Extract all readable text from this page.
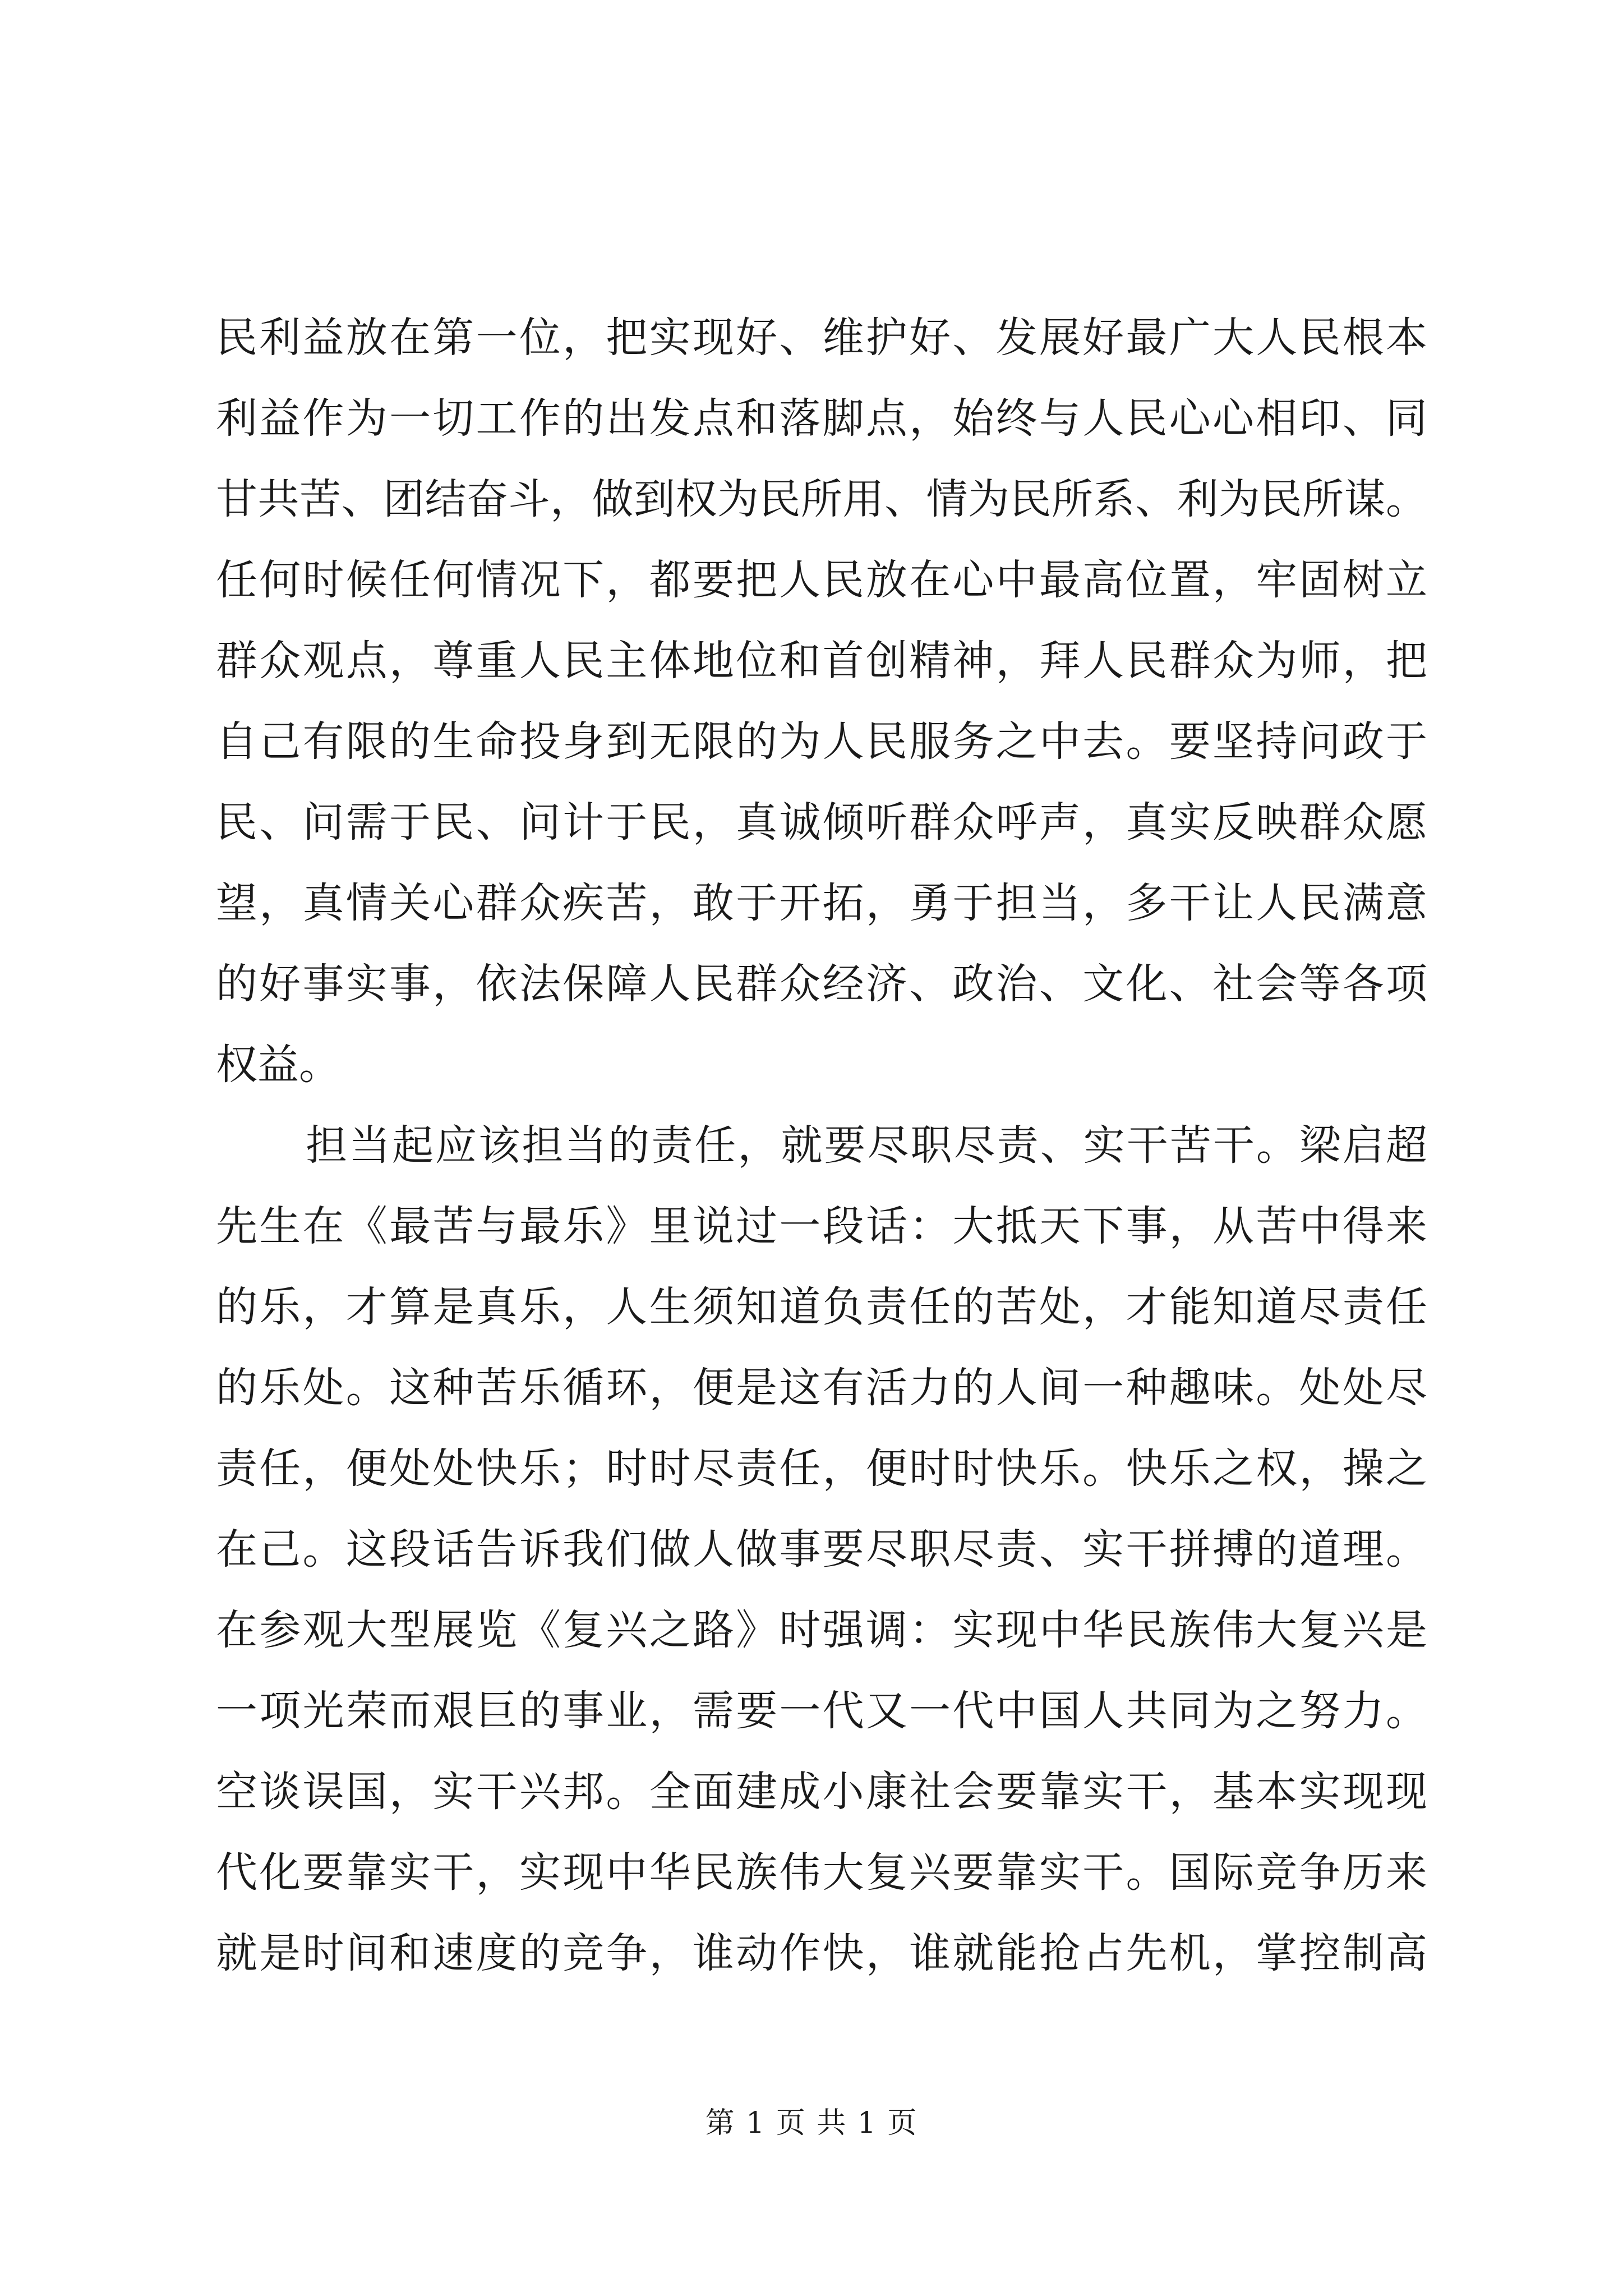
民利益放在第一位，把实现好、维护好、发展好最广大人民根本
利益作为一切工作的出发点和落脚点，始终与人民心心相印、同
甘共苦、团结奋斗，做到权为民所用、情为民所系、利为民所谋。
任何时候任何情况下，都要把人民放在心中最高位置，牢固树立
群众观点，尊重人民主体地位和首创精神，拜人民群众为师，把
自己有限的生命投身到无限的为人民服务之中去。要坚持问政于
民、问需于民、问计于民，真诚倾听群众呼声，真实反映群众愿
望，真情关心群众疾苦，敢于开拓，勇于担当，多干让人民满意
的好事实事，依法保障人民群众经济、政治、文化、社会等各项
权益。
担当起应该担当的责任，就要尽职尽责、实干苦干。梁启超
先生在《最苦与最乐》里说过一段话：大抵天下事，从苦中得来
的乐，才算是真乐，人生须知道负责任的苦处，才能知道尽责任
的乐处。这种苦乐循环，便是这有活力的人间一种趣味。处处尽
责任，便处处快乐；时时尽责任，便时时快乐。快乐之权，操之
在己。这段话告诉我们做人做事要尽职尽责、实干拼搏的道理。
在参观大型展览《复兴之路》时强调：实现中华民族伟大复兴是
一项光荣而艰巨的事业，需要一代又一代中国人共同为之努力。
空谈误国，实干兴邦。全面建成小康社会要靠实干，基本实现现
代化要靠实干，实现中华民族伟大复兴要靠实干。国际竞争历来
就是时间和速度的竞争，谁动作快，谁就能抢占先机，掌控制高
第 1 页 共 1 页
